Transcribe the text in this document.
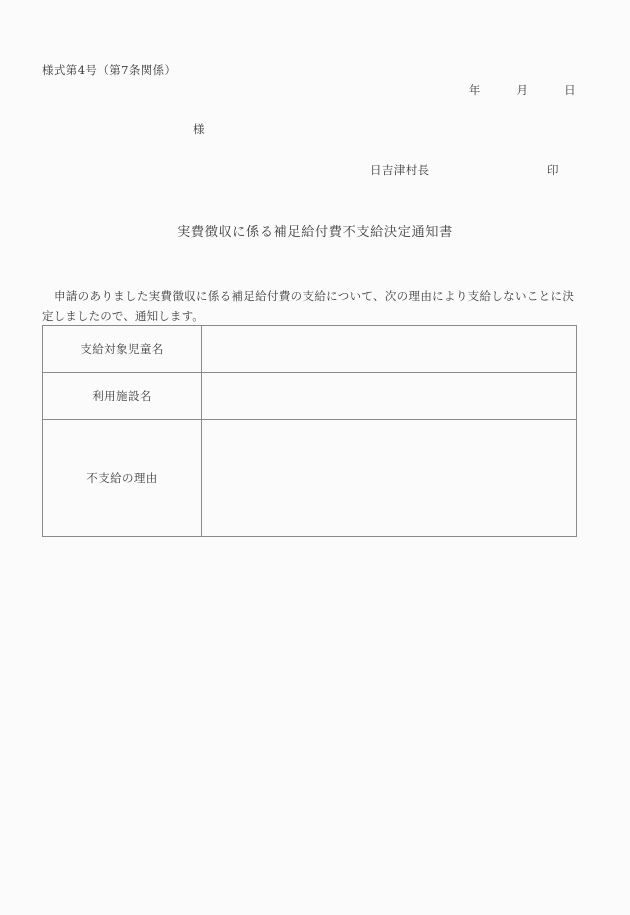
様式第4号（第7条関係）
年　　　月　　　日
様
日吉津村長	印
実費徴収に係る補足給付費不支給決定通知書
申請のありました実費徴収に係る補足給付費の支給について、次の理由により支給しないことに決定しましたので、通知します。
支給対象児童名	
利用施設名	
不支給の理由	
